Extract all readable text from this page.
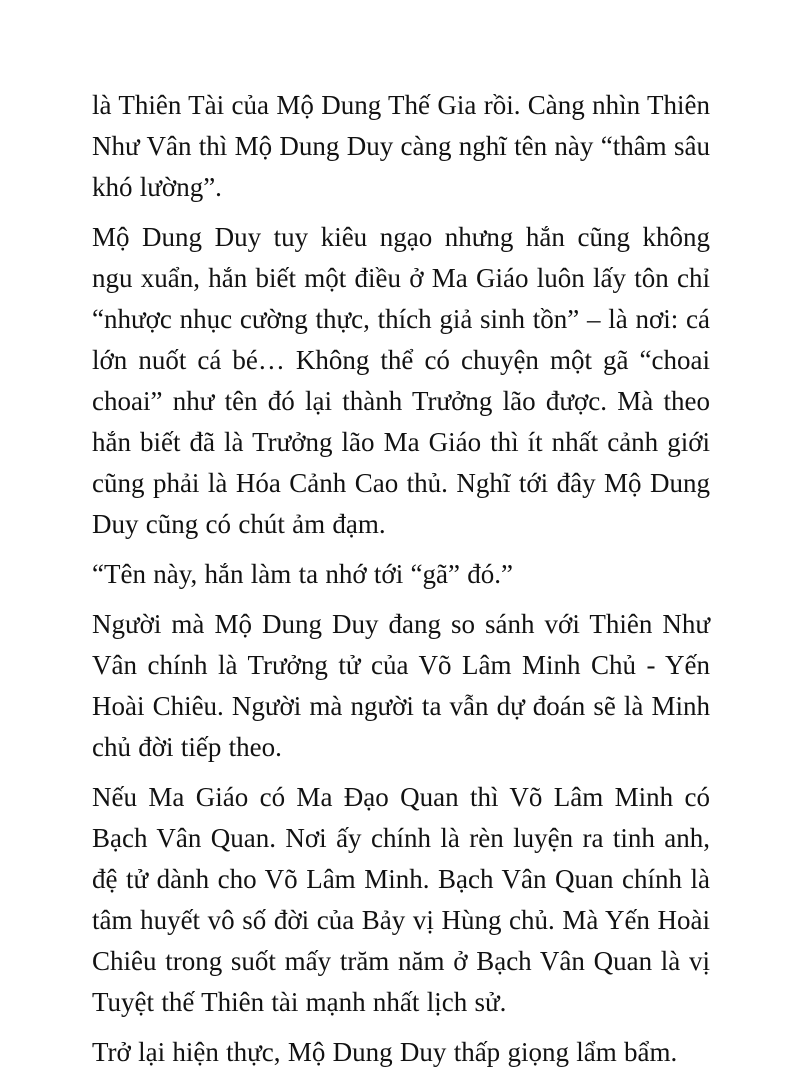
là Thiên Tài của Mộ Dung Thế Gia rồi. Càng nhìn Thiên Như Vân thì Mộ Dung Duy càng nghĩ tên này “thâm sâu khó lường”.

Mộ Dung Duy tuy kiêu ngạo nhưng hắn cũng không ngu xuẩn, hắn biết một điều ở Ma Giáo luôn lấy tôn chỉ “nhược nhục cường thực, thích giả sinh tồn” – là nơi: cá lớn nuốt cá bé… Không thể có chuyện một gã “choai choai” như tên đó lại thành Trưởng lão được. Mà theo hắn biết đã là Trưởng lão Ma Giáo thì ít nhất cảnh giới cũng phải là Hóa Cảnh Cao thủ. Nghĩ tới đây Mộ Dung Duy cũng có chút ảm đạm.

“Tên này, hắn làm ta nhớ tới “gã” đó.”

Người mà Mộ Dung Duy đang so sánh với Thiên Như Vân chính là Trưởng tử của Võ Lâm Minh Chủ - Yến Hoài Chiêu. Người mà người ta vẫn dự đoán sẽ là Minh chủ đời tiếp theo.

Nếu Ma Giáo có Ma Đạo Quan thì Võ Lâm Minh có Bạch Vân Quan. Nơi ấy chính là rèn luyện ra tinh anh, đệ tử dành cho Võ Lâm Minh. Bạch Vân Quan chính là tâm huyết vô số đời của Bảy vị Hùng chủ. Mà Yến Hoài Chiêu trong suốt mấy trăm năm ở Bạch Vân Quan là vị Tuyệt thế Thiên tài mạnh nhất lịch sử.

Trở lại hiện thực, Mộ Dung Duy thấp giọng lẩm bẩm.
